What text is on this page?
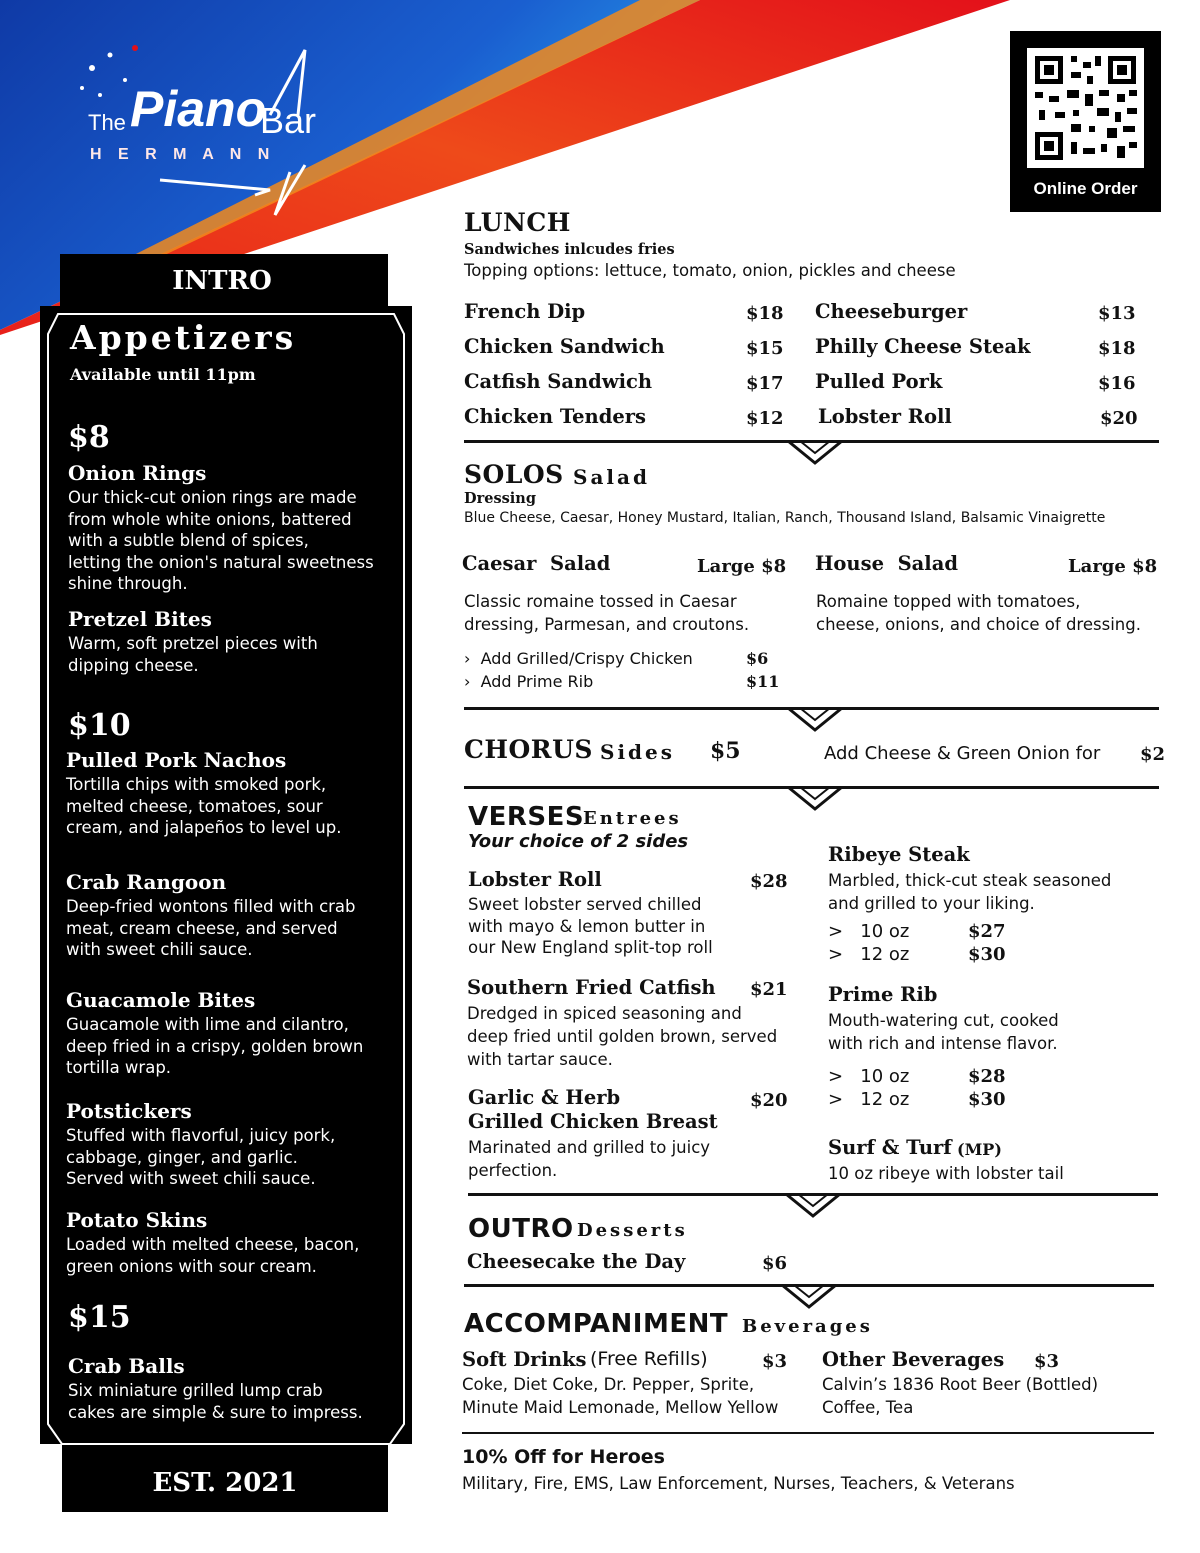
The Piano
Bar
H E R M A N N
Online Order
INTRO
Appetizers
Available until 11pm
$8
Onion Rings
Our thick-cut onion rings are made
from whole white onions, battered
with a subtle blend of spices,
letting the onion's natural sweetness
shine through.
Pretzel Bites
Warm, soft pretzel pieces with
dipping cheese.
$10
Pulled Pork Nachos
Tortilla chips with smoked pork,
melted cheese, tomatoes, sour
cream, and jalapeños to level up.
Crab Rangoon
Deep-fried wontons filled with crab
meat, cream cheese, and served
with sweet chili sauce.
Guacamole Bites
Guacamole with lime and cilantro,
deep fried in a crispy, golden brown
tortilla wrap.
Potstickers
Stuffed with flavorful, juicy pork,
cabbage, ginger, and garlic.
Served with sweet chili sauce.
Potato Skins
Loaded with melted cheese, bacon,
green onions with sour cream.
$15
Crab Balls
Six miniature grilled lump crab
cakes are simple & sure to impress.
EST. 2021
LUNCH
Sandwiches inlcudes fries
Topping options: lettuce, tomato, onion, pickles and cheese
French Dip	$18
Chicken Sandwich	$15
Catfish Sandwich	$17
Chicken Tenders	$12
Cheeseburger	$13
Philly Cheese Steak	$18
Pulled Pork	$16
Lobster Roll	$20
SOLOS Salad
Dressing
Blue Cheese, Caesar, Honey Mustard, Italian, Ranch, Thousand Island, Balsamic Vinaigrette
Caesar  Salad	Large $8
Classic romaine tossed in Caesar
dressing, Parmesan, and croutons.
›  Add Grilled/Crispy Chicken	$6
›  Add Prime Rib	$11
House  Salad	Large $8
Romaine topped with tomatoes,
cheese, onions, and choice of dressing.
CHORUS Sides $5	Add Cheese & Green Onion for $2
VERSES
Entrees
Your choice of 2 sides
Lobster Roll	$28
Sweet lobster served chilled
with mayo & lemon butter in
our New England split-top roll
Southern Fried Catfish $21
Dredged in spiced seasoning and
deep fried until golden brown, served
with tartar sauce.
Garlic & Herb
Grilled Chicken Breast
$20
Marinated and grilled to juicy
perfection.
Ribeye Steak
Marbled, thick-cut steak seasoned
and grilled to your liking.
>   10 oz	$27
>   12 oz	$30
Prime Rib
Mouth-watering cut, cooked
with rich and intense flavor.
>   10 oz	$28
>   12 oz	$30
Surf & Turf (MP)
10 oz ribeye with lobster tail
OUTRO Desserts
Cheesecake the Day	$6
ACCOMPANIMENT Beverages
Soft Drinks (Free Refills)	$3
Coke, Diet Coke, Dr. Pepper, Sprite,
Minute Maid Lemonade, Mellow Yellow
Other Beverages $3
Calvin’s 1836 Root Beer (Bottled)
Coffee, Tea
10% Off for Heroes
Military, Fire, EMS, Law Enforcement, Nurses, Teachers, & Veterans
